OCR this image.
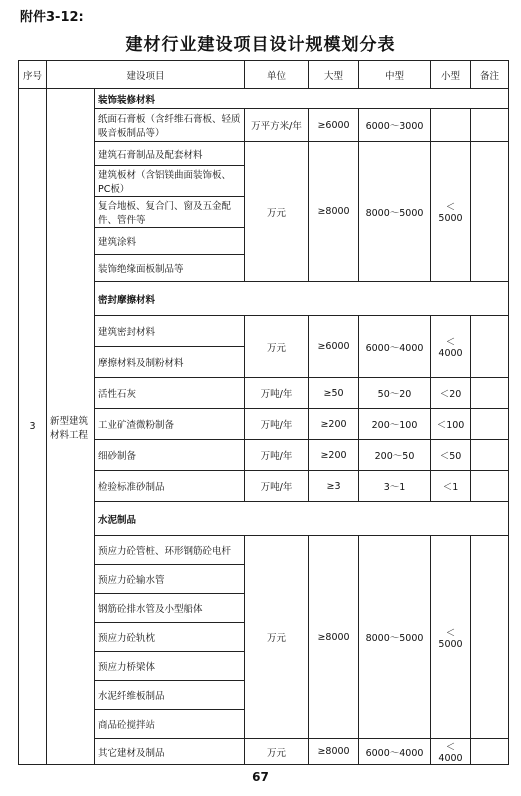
附件3-12:
建材行业建设项目设计规模划分表
序号	建设项目		单位	大型	中型	小型	备注
3	新型建筑材料工程	装饰装修材料					
		纸面石膏板（含纤维石膏板、轻质吸音板制品等）	万平方米/年	≥6000	6000～3000		
		建筑石膏制品及配套材料	万元	≥8000	8000～5000	＜5000	
		建筑板材（含铝镁曲面装饰板、PC板）					
		复合地板、复合门、窗及五金配件、管件等					
		建筑涂料					
		装饰绝缘面板制品等					
		密封摩擦材料					
		建筑密封材料	万元	≥6000	6000～4000	＜4000	
		摩擦材料及制粉材料					
		活性石灰	万吨/年	≥50	50～20	＜20	
		工业矿渣微粉制备	万吨/年	≥200	200～100	＜100	
		细砂制备	万吨/年	≥200	200～50	＜50	
		检验标准砂制品	万吨/年	≥3	3～1	＜1	
		水泥制品					
		预应力砼管桩、环形钢筋砼电杆	万元	≥8000	8000～5000	＜5000	
		预应力砼输水管					
		钢筋砼排水管及小型船体					
		预应力砼轨枕					
		预应力桥梁体					
		水泥纤维板制品					
		商品砼搅拌站					
		其它建材及制品	万元	≥8000	6000～4000	＜4000	
67
